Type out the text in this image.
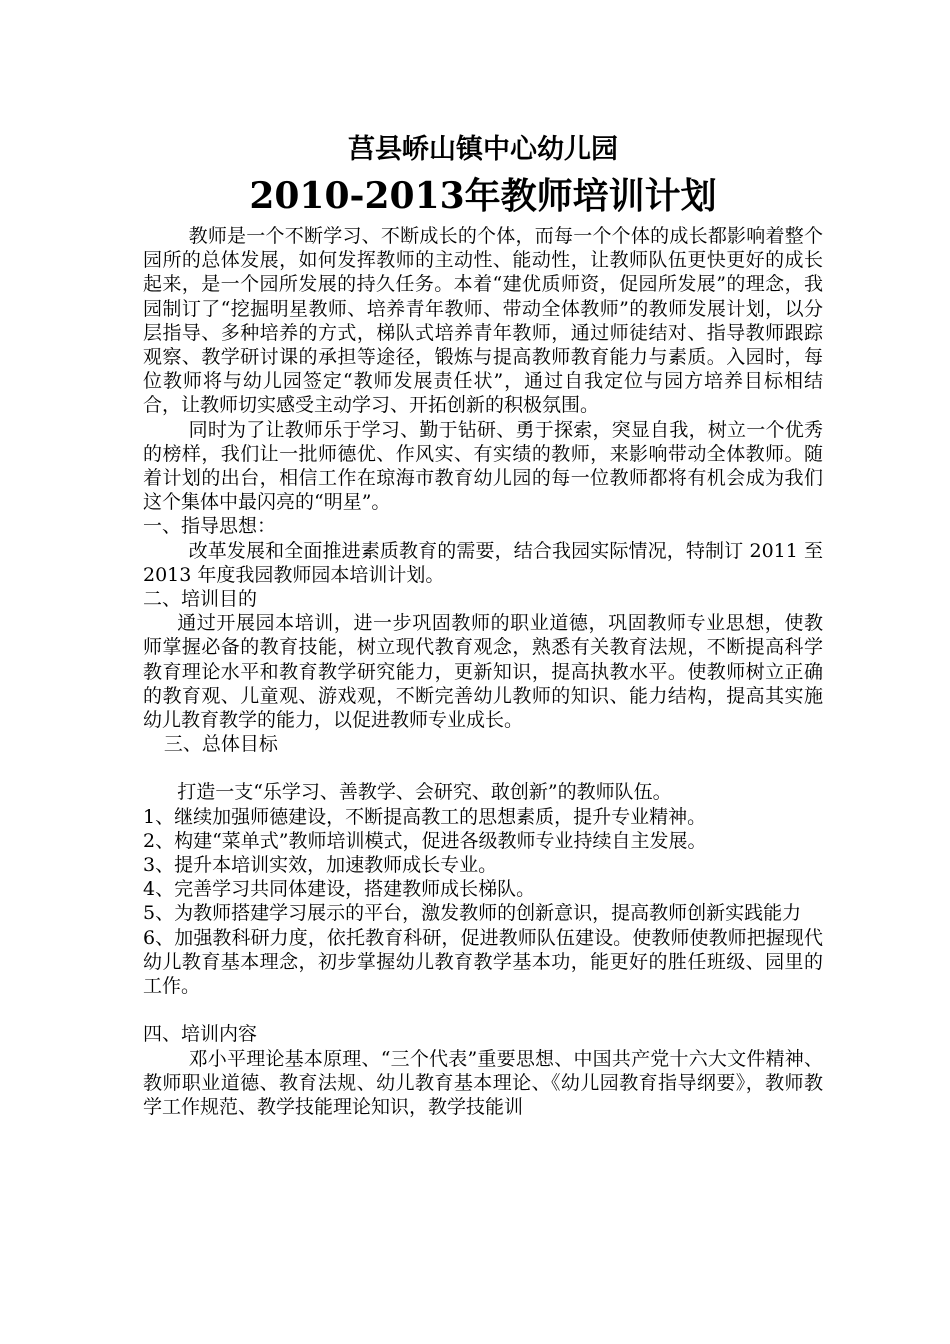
莒县峤山镇中心幼儿园
2010-2013年教师培训计划

教师是一个不断学习、不断成长的个体，而每一个个体的成长都影响着整个园所的总体发展，如何发挥教师的主动性、能动性，让教师队伍更快更好的成长起来，是一个园所发展的持久任务。本着“建优质师资，促园所发展”的理念，我园制订了“挖掘明星教师、培养青年教师、带动全体教师”的教师发展计划，以分层指导、多种培养的方式，梯队式培养青年教师，通过师徒结对、指导教师跟踪观察、教学研讨课的承担等途径，锻炼与提高教师教育能力与素质。入园时，每位教师将与幼儿园签定“教师发展责任状”，通过自我定位与园方培养目标相结合，让教师切实感受主动学习、开拓创新的积极氛围。

同时为了让教师乐于学习、勤于钻研、勇于探索，突显自我，树立一个优秀的榜样，我们让一批师德优、作风实、有实绩的教师，来影响带动全体教师。随着计划的出台，相信工作在琼海市教育幼儿园的每一位教师都将有机会成为我们这个集体中最闪亮的“明星”。

一、指导思想：

改革发展和全面推进素质教育的需要，结合我园实际情况，特制订 2011 至 2013 年度我园教师园本培训计划。

二、培训目的

通过开展园本培训，进一步巩固教师的职业道德，巩固教师专业思想，使教师掌握必备的教育技能，树立现代教育观念，熟悉有关教育法规，不断提高科学教育理论水平和教育教学研究能力，更新知识，提高执教水平。使教师树立正确的教育观、儿童观、游戏观，不断完善幼儿教师的知识、能力结构，提高其实施幼儿教育教学的能力，以促进教师专业成长。

三、总体目标

打造一支“乐学习、善教学、会研究、敢创新”的教师队伍。

1、继续加强师德建设，不断提高教工的思想素质，提升专业精神。

2、构建“菜单式”教师培训模式，促进各级教师专业持续自主发展。

3、提升本培训实效，加速教师成长专业。

4、完善学习共同体建设，搭建教师成长梯队。

5、为教师搭建学习展示的平台，激发教师的创新意识，提高教师创新实践能力

6、加强教科研力度，依托教育科研，促进教师队伍建设。使教师使教师把握现代幼儿教育基本理念，初步掌握幼儿教育教学基本功，能更好的胜任班级、园里的工作。

四、培训内容

邓小平理论基本原理、“三个代表”重要思想、中国共产党十六大文件精神、教师职业道德、教育法规、幼儿教育基本理论、《幼儿园教育指导纲要》，教师教学工作规范、教学技能理论知识，教学技能训
